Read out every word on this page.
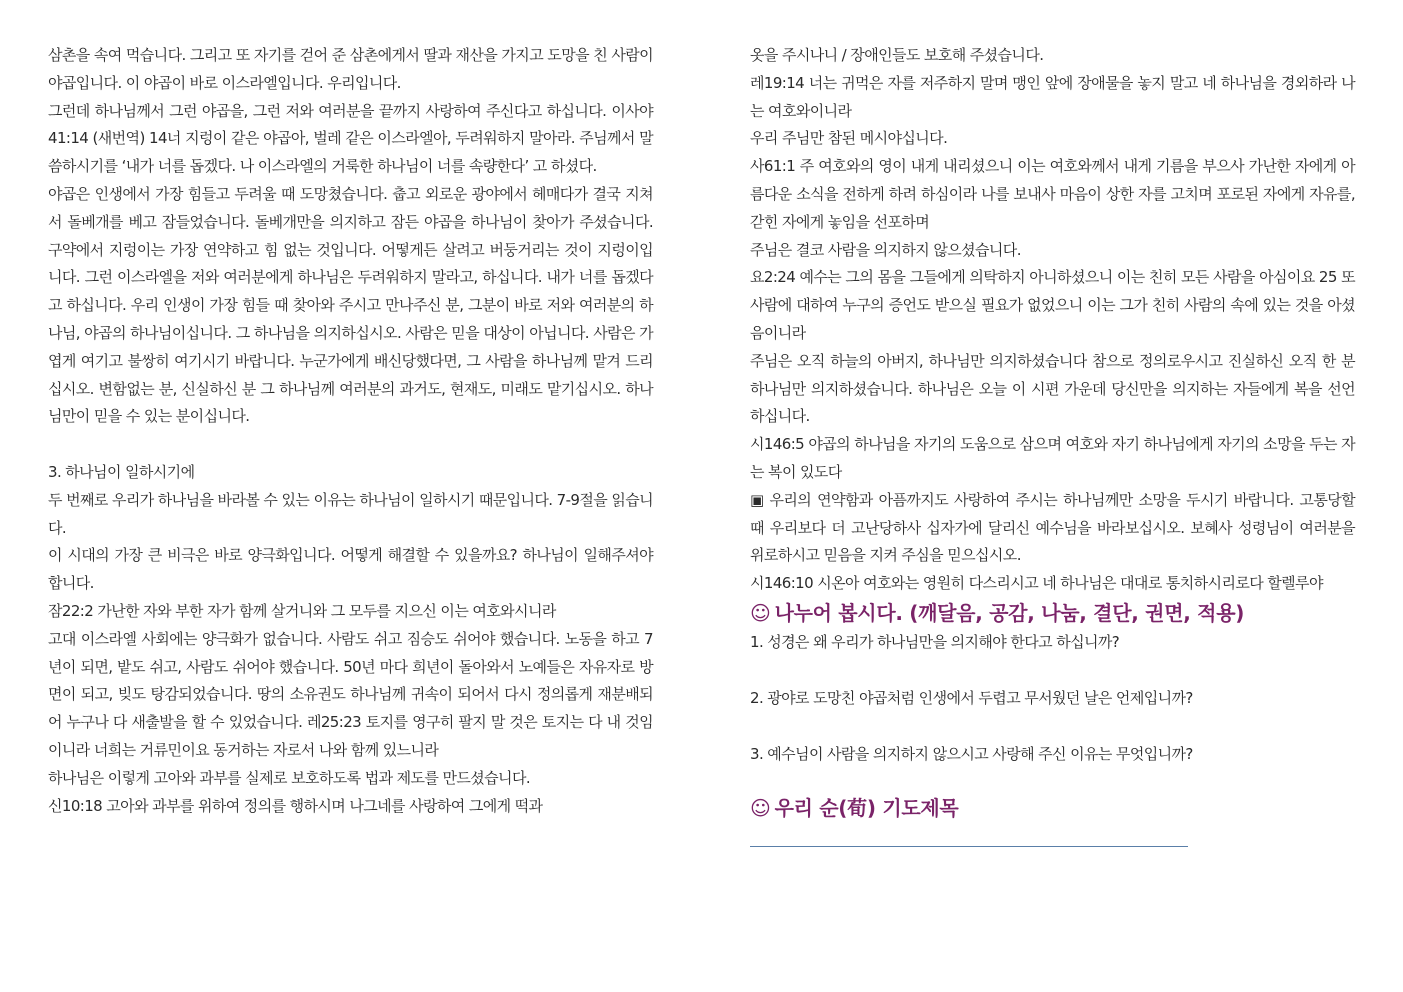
삼촌을 속여 먹습니다. 그리고 또 자기를 걷어 준 삼촌에게서 딸과 재산을 가지고 도망을 친 사람이 야곱입니다. 이 야곱이 바로 이스라엘입니다. 우리입니다.

그런데 하나님께서 그런 야곱을, 그런 저와 여러분을 끝까지 사랑하여 주신다고 하십니다. 이사야 41:14 (새번역) 14너 지렁이 같은 야곱아, 벌레 같은 이스라엘아, 두려워하지 말아라. 주님께서 말씀하시기를 ‘내가 너를 돕겠다. 나 이스라엘의 거룩한 하나님이 너를 속량한다’ 고 하셨다.

야곱은 인생에서 가장 힘들고 두려울 때 도망쳤습니다. 춥고 외로운 광야에서 헤매다가 결국 지쳐서 돌베개를 베고 잠들었습니다. 돌베개만을 의지하고 잠든 야곱을 하나님이 찾아가 주셨습니다. 구약에서 지렁이는 가장 연약하고 힘 없는 것입니다. 어떻게든 살려고 버둥거리는 것이 지렁이입니다. 그런 이스라엘을 저와 여러분에게 하나님은 두려워하지 말라고, 하십니다. 내가 너를 돕겠다고 하십니다. 우리 인생이 가장 힘들 때 찾아와 주시고 만나주신 분, 그분이 바로 저와 여러분의 하나님, 야곱의 하나님이십니다. 그 하나님을 의지하십시오. 사람은 믿을 대상이 아닙니다. 사람은 가엽게 여기고 불쌍히 여기시기 바랍니다. 누군가에게 배신당했다면, 그 사람을 하나님께 맡겨 드리십시오. 변함없는 분, 신실하신 분 그 하나님께 여러분의 과거도, 현재도, 미래도 맡기십시오. 하나님만이 믿을 수 있는 분이십니다.

3. 하나님이 일하시기에

두 번째로 우리가 하나님을 바라볼 수 있는 이유는 하나님이 일하시기 때문입니다. 7-9절을 읽습니다.

이 시대의 가장 큰 비극은 바로 양극화입니다. 어떻게 해결할 수 있을까요? 하나님이 일해주셔야 합니다.

잠22:2 가난한 자와 부한 자가 함께 살거니와 그 모두를 지으신 이는 여호와시니라

고대 이스라엘 사회에는 양극화가 없습니다. 사람도 쉬고 짐승도 쉬어야 했습니다. 노동을 하고 7년이 되면, 밭도 쉬고, 사람도 쉬어야 했습니다. 50년 마다 희년이 돌아와서 노예들은 자유자로 방면이 되고, 빚도 탕감되었습니다. 땅의 소유권도 하나님께 귀속이 되어서 다시 정의롭게 재분배되어 누구나 다 새출발을 할 수 있었습니다. 레25:23 토지를 영구히 팔지 말 것은 토지는 다 내 것임이니라 너희는 거류민이요 동거하는 자로서 나와 함께 있느니라

하나님은 이렇게 고아와 과부를 실제로 보호하도록 법과 제도를 만드셨습니다.

신10:18 고아와 과부를 위하여 정의를 행하시며 나그네를 사랑하여 그에게 떡과

옷을 주시나니 / 장애인들도 보호해 주셨습니다.

레19:14 너는 귀먹은 자를 저주하지 말며 맹인 앞에 장애물을 놓지 말고 네 하나님을 경외하라 나는 여호와이니라

우리 주님만 참된 메시야십니다.

사61:1 주 여호와의 영이 내게 내리셨으니 이는 여호와께서 내게 기름을 부으사 가난한 자에게 아름다운 소식을 전하게 하려 하심이라 나를 보내사 마음이 상한 자를 고치며 포로된 자에게 자유를, 갇힌 자에게 놓임을 선포하며

주님은 결코 사람을 의지하지 않으셨습니다.

요2:24 예수는 그의 몸을 그들에게 의탁하지 아니하셨으니 이는 친히 모든 사람을 아심이요 25 또 사람에 대하여 누구의 증언도 받으실 필요가 없었으니 이는 그가 친히 사람의 속에 있는 것을 아셨음이니라

주님은 오직 하늘의 아버지, 하나님만 의지하셨습니다 참으로 정의로우시고 진실하신 오직 한 분 하나님만 의지하셨습니다. 하나님은 오늘 이 시편 가운데 당신만을 의지하는 자들에게 복을 선언하십니다.

시146:5 야곱의 하나님을 자기의 도움으로 삼으며 여호와 자기 하나님에게 자기의 소망을 두는 자는 복이 있도다

▣ 우리의 연약함과 아픔까지도 사랑하여 주시는 하나님께만 소망을 두시기 바랍니다. 고통당할 때 우리보다 더 고난당하사 십자가에 달리신 예수님을 바라보십시오. 보혜사 성령님이 여러분을 위로하시고 믿음을 지켜 주심을 믿으십시오.

시146:10 시온아 여호와는 영원히 다스리시고 네 하나님은 대대로 통치하시리로다 할렐루야

☺ 나누어 봅시다. (깨달음, 공감, 나눔, 결단, 권면, 적용)

1. 성경은 왜 우리가 하나님만을 의지해야 한다고 하십니까?

2. 광야로 도망친 야곱처럼 인생에서 두렵고 무서웠던 날은 언제입니까?

3. 예수님이 사람을 의지하지 않으시고 사랑해 주신 이유는 무엇입니까?

☺ 우리 순(荀) 기도제목
